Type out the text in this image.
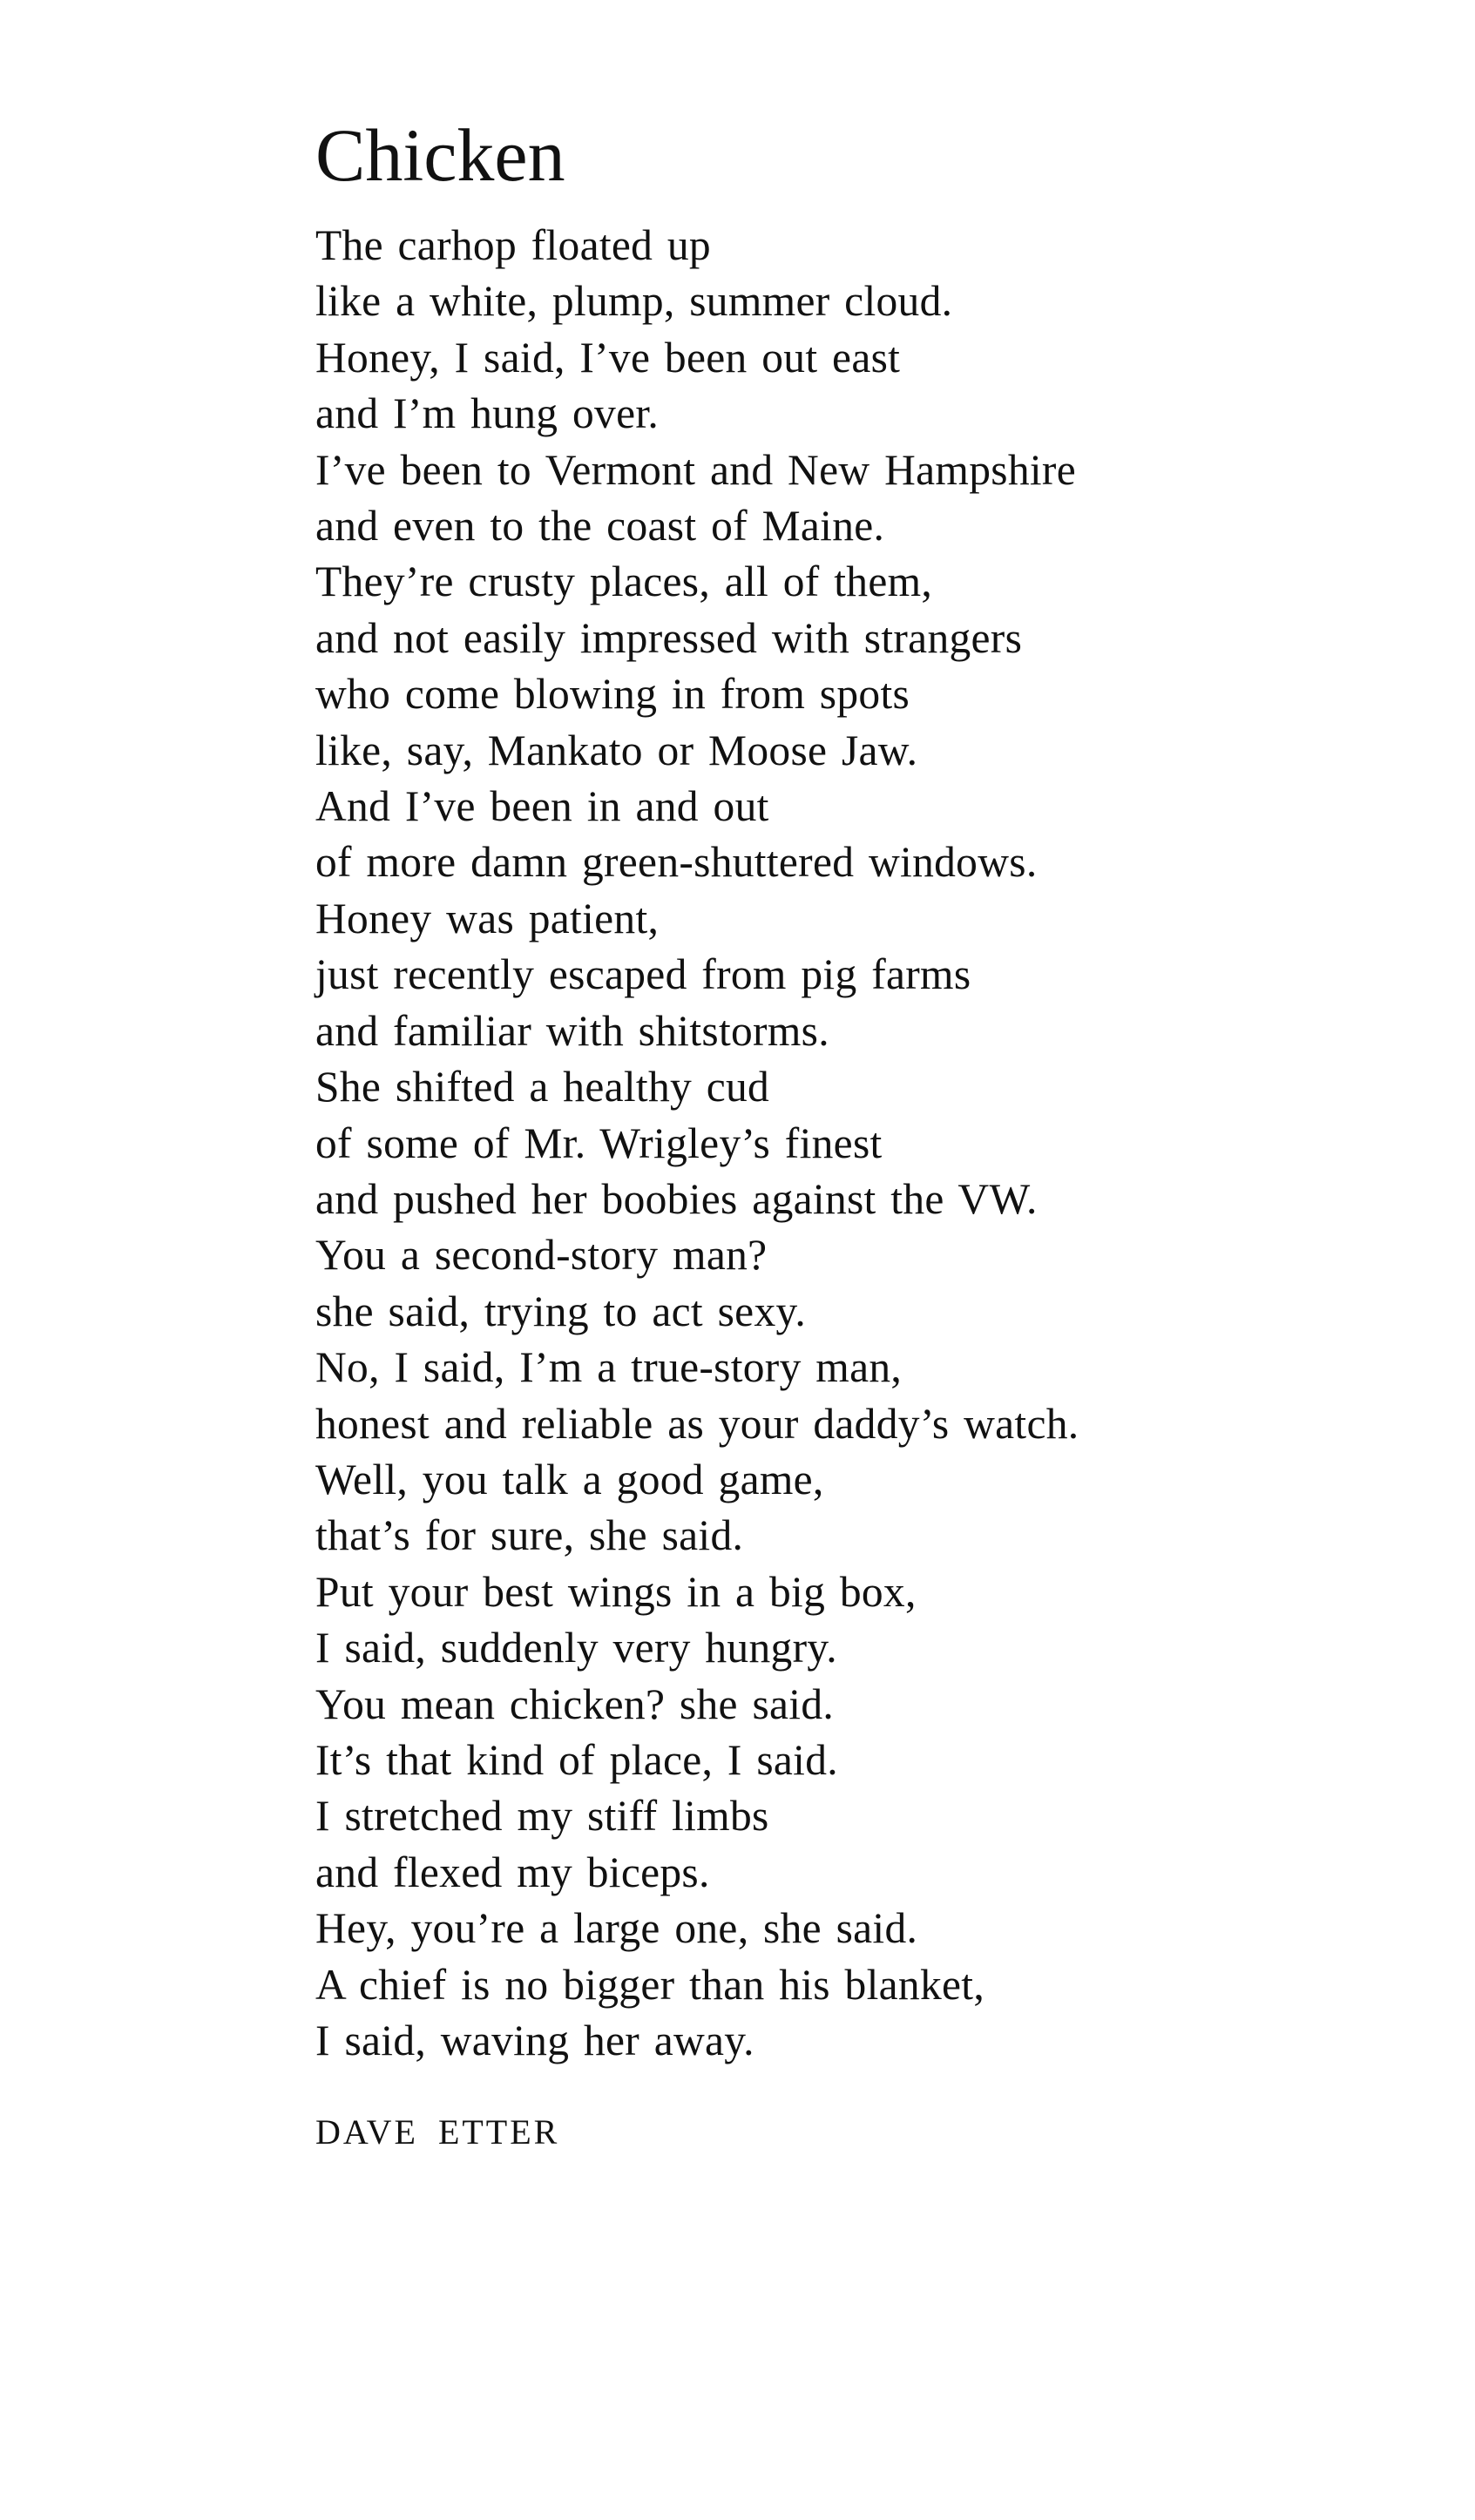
Chicken
The carhop floated up
like a white, plump, summer cloud.
Honey, I said, I’ve been out east
and I’m hung over.
I’ve been to Vermont and New Hampshire
and even to the coast of Maine.
They’re crusty places, all of them,
and not easily impressed with strangers
who come blowing in from spots
like, say, Mankato or Moose Jaw.
And I’ve been in and out
of more damn green-shuttered windows.
Honey was patient,
just recently escaped from pig farms
and familiar with shitstorms.
She shifted a healthy cud
of some of Mr. Wrigley’s finest
and pushed her boobies against the VW.
You a second-story man?
she said, trying to act sexy.
No, I said, I’m a true-story man,
honest and reliable as your daddy’s watch.
Well, you talk a good game,
that’s for sure, she said.
Put your best wings in a big box,
I said, suddenly very hungry.
You mean chicken? she said.
It’s that kind of place, I said.
I stretched my stiff limbs
and flexed my biceps.
Hey, you’re a large one, she said.
A chief is no bigger than his blanket,
I said, waving her away.
DAVE ETTER
